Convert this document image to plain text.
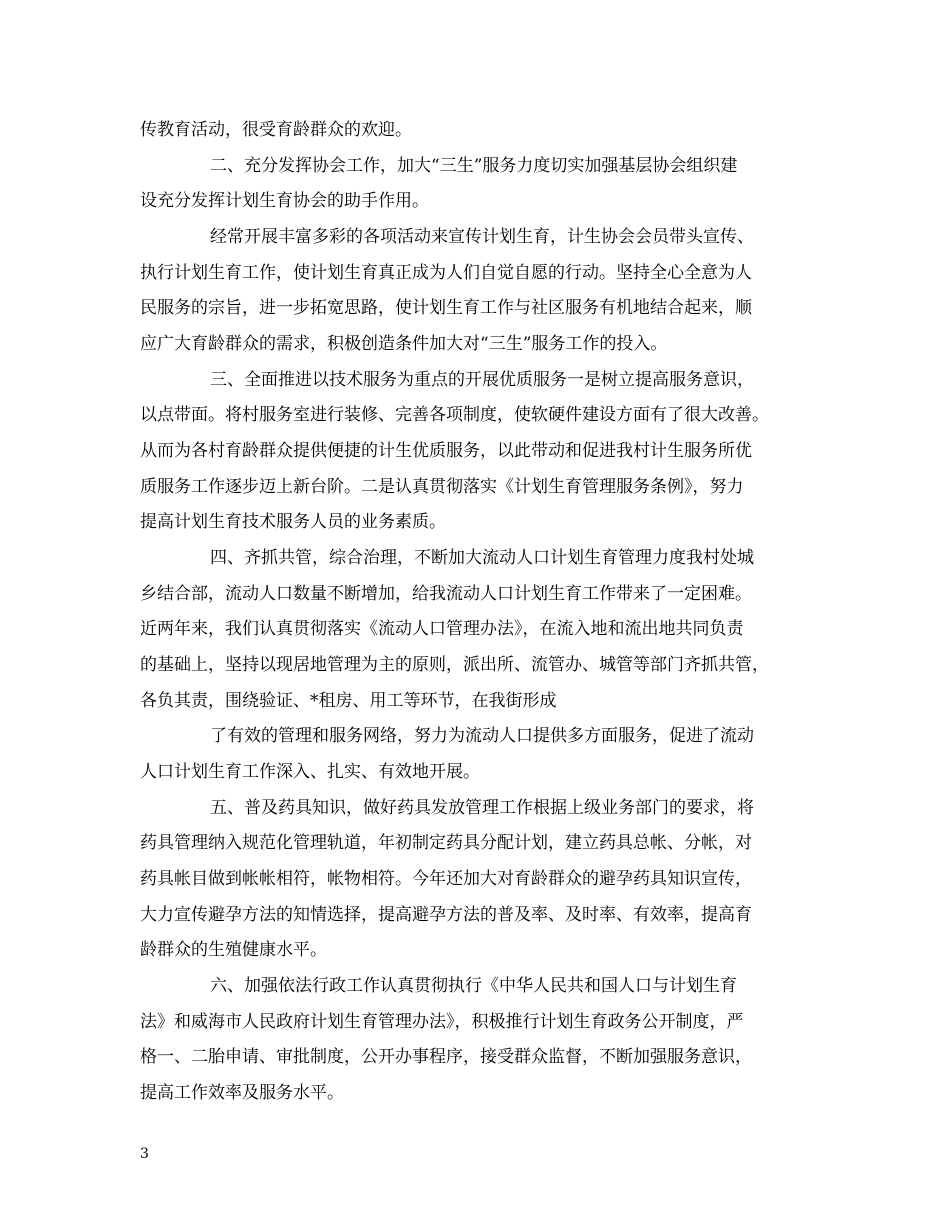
传教育活动，很受育龄群众的欢迎。
二、充分发挥协会工作，加大“三生”服务力度切实加强基层协会组织建
设充分发挥计划生育协会的助手作用。
经常开展丰富多彩的各项活动来宣传计划生育，计生协会会员带头宣传、
执行计划生育工作，使计划生育真正成为人们自觉自愿的行动。坚持全心全意为人
民服务的宗旨，进一步拓宽思路，使计划生育工作与社区服务有机地结合起来，顺
应广大育龄群众的需求，积极创造条件加大对“三生”服务工作的投入。
三、全面推进以技术服务为重点的开展优质服务一是树立提高服务意识，
以点带面。将村服务室进行装修、完善各项制度，使软硬件建设方面有了很大改善。
从而为各村育龄群众提供便捷的计生优质服务，以此带动和促进我村计生服务所优
质服务工作逐步迈上新台阶。二是认真贯彻落实《计划生育管理服务条例》，努力
提高计划生育技术服务人员的业务素质。
四、齐抓共管，综合治理，不断加大流动人口计划生育管理力度我村处城
乡结合部，流动人口数量不断增加，给我流动人口计划生育工作带来了一定困难。
近两年来，我们认真贯彻落实《流动人口管理办法》，在流入地和流出地共同负责
的基础上，坚持以现居地管理为主的原则，派出所、流管办、城管等部门齐抓共管，
各负其责，围绕验证、*租房、用工等环节，在我街形成
了有效的管理和服务网络，努力为流动人口提供多方面服务，促进了流动
人口计划生育工作深入、扎实、有效地开展。
五、普及药具知识，做好药具发放管理工作根据上级业务部门的要求，将
药具管理纳入规范化管理轨道，年初制定药具分配计划，建立药具总帐、分帐，对
药具帐目做到帐帐相符，帐物相符。今年还加大对育龄群众的避孕药具知识宣传，
大力宣传避孕方法的知情选择，提高避孕方法的普及率、及时率、有效率，提高育
龄群众的生殖健康水平。
六、加强依法行政工作认真贯彻执行《中华人民共和国人口与计划生育
法》和威海市人民政府计划生育管理办法》，积极推行计划生育政务公开制度，严
格一、二胎申请、审批制度，公开办事程序，接受群众监督，不断加强服务意识，
提高工作效率及服务水平。
3
